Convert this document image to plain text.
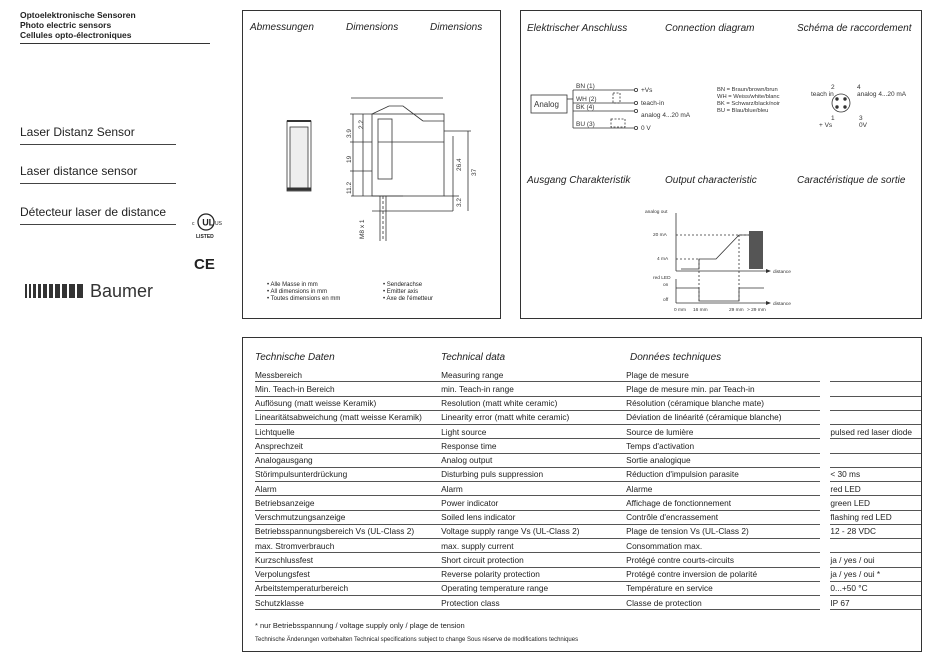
Optoelektronische Sensoren
Photo electric sensors
Cellules opto-électroniques
Laser Distanz Sensor
Laser distance sensor
Détecteur laser de distance
UL
c	US
LISTED
CE
Baumer
Abmessungen	Dimensions	Dimensions
3.9
2.2
19
11.2
26.4
37
M8 x 1
3.2
• Alle Masse in mm
• All dimensions in mm
• Toutes dimensions en mm
• Senderachse
• Emitter axis
• Axe de l'émetteur
Elektrischer Anschluss	Connection diagram	Schéma de raccordement
Analog
BN (1)
WH (2)
BK (4)
BU (3)
+Vs
teach-in
analog 4...20 mA
0 V
BN = Braun/brown/brun
WH = Weiss/white/blanc
BK = Schwarz/black/noir
BU = Blau/blue/bleu
2
teach in
4
analog 4...20 mA
1
+ Vs
3
0V
Ausgang Charakteristik	Output characteristic	Caractéristique de sortie
analog out
20 mA
4 mA
red LED
on
off
distance
distance
0 mm 16 mm	29 mm > 29 mm
Technische Daten	Technical data	Données techniques
Messbereich	Measuring range	Plage de mesure	
Min. Teach-in Bereich	min. Teach-in range	Plage de mesure min. par Teach-in	
Auflösung (matt weisse Keramik)	Resolution (matt white ceramic)	Résolution (céramique blanche mate)	
Linearitätsabweichung (matt weisse Keramik)	Linearity error (matt white ceramic)	Déviation de linéarité (céramique blanche)	
Lichtquelle	Light source	Source de lumière	pulsed red laser diode
Ansprechzeit	Response time	Temps d'activation	
Analogausgang	Analog output	Sortie analogique	
Störimpulsunterdrückung	Disturbing puls suppression	Réduction d'impulsion parasite	< 30 ms
Alarm	Alarm	Alarme	red LED
Betriebsanzeige	Power indicator	Affichage de fonctionnement	green LED
Verschmutzungsanzeige	Soiled lens indicator	Contrôle d'encrassement	flashing red LED
Betriebsspannungsbereich Vs (UL-Class 2)	Voltage supply range Vs (UL-Class 2)	Plage de tension Vs (UL-Class 2)	12 - 28 VDC
max. Stromverbrauch	max. supply current	Consommation max.	
Kurzschlussfest	Short circuit protection	Protégé contre courts-circuits	ja / yes / oui
Verpolungsfest	Reverse polarity protection	Protégé contre inversion de polarité	ja / yes / oui *
Arbeitstemperaturbereich	Operating temperature range	Température en service	0...+50 °C
Schutzklasse	Protection class	Classe de protection	IP 67
* nur Betriebsspannung / voltage supply only / plage de tension
Technische Änderungen vorbehalten Technical specifications subject to change Sous réserve de modifications techniques
